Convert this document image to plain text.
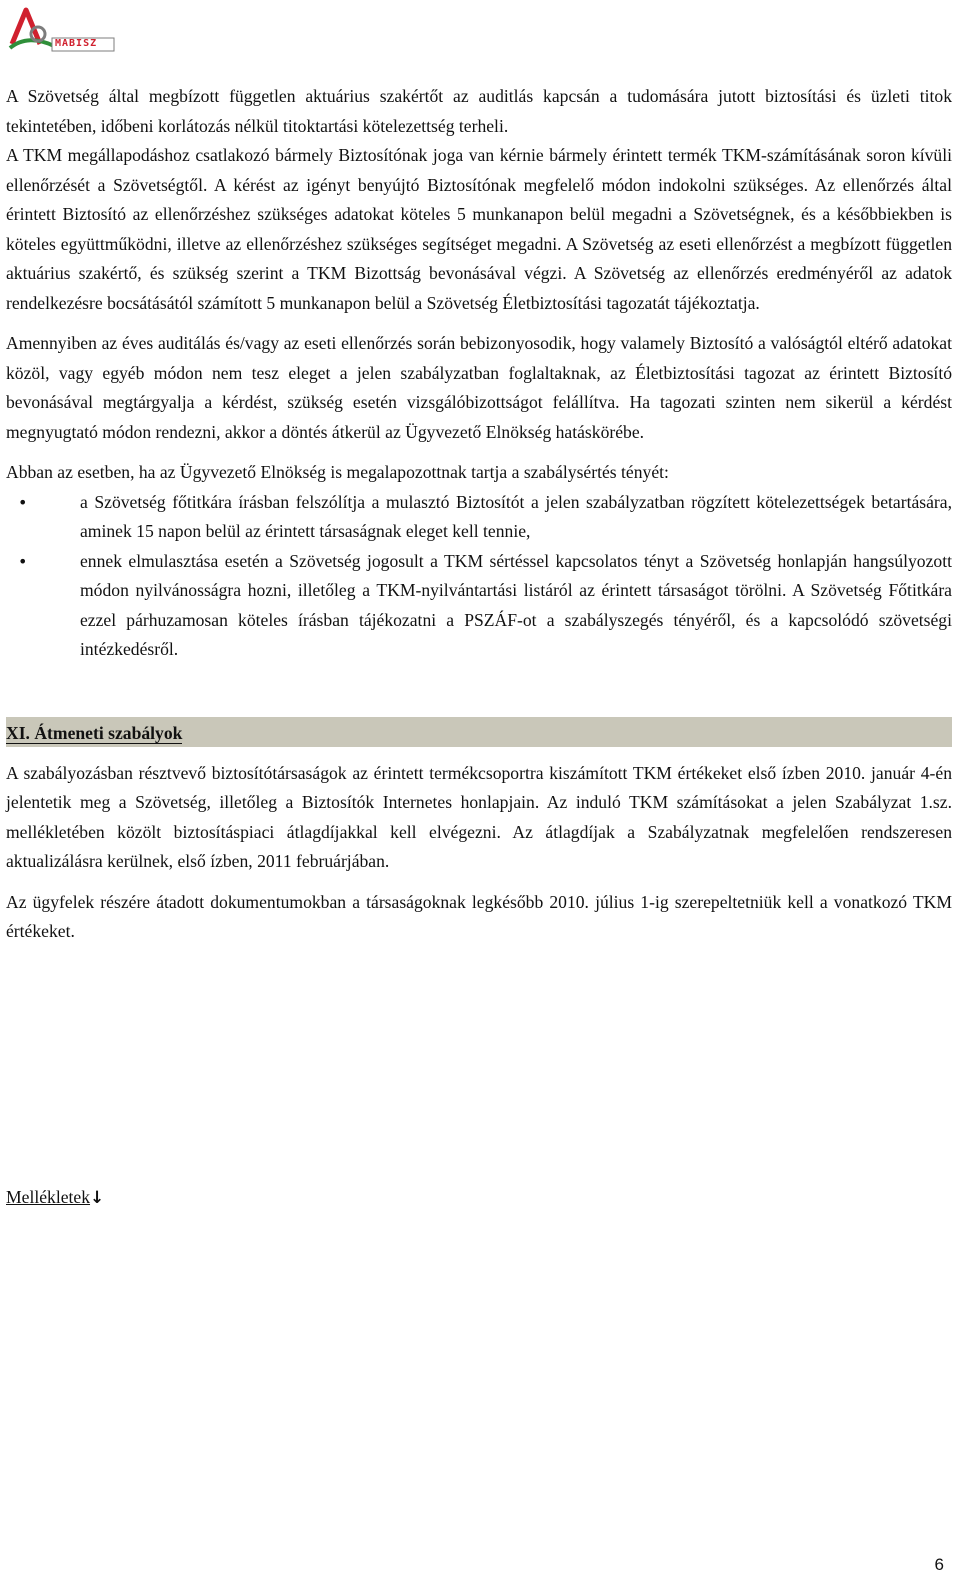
MABISZ

A Szövetség által megbízott független aktuárius szakértőt az auditlás kapcsán a tudomására jutott biztosítási és üzleti titok tekintetében, időbeni korlátozás nélkül titoktartási kötelezettség terheli.

A TKM megállapodáshoz csatlakozó bármely Biztosítónak joga van kérnie bármely érintett termék TKM-számításának soron kívüli ellenőrzését a Szövetségtől. A kérést az igényt benyújtó Biztosítónak megfelelő módon indokolni szükséges. Az ellenőrzés által érintett Biztosító az ellenőrzéshez szükséges adatokat köteles 5 munkanapon belül megadni a Szövetségnek, és a későbbiekben is köteles együttműködni, illetve az ellenőrzéshez szükséges segítséget megadni. A Szövetség az eseti ellenőrzést a megbízott független aktuárius szakértő, és szükség szerint a TKM Bizottság bevonásával végzi. A Szövetség az ellenőrzés eredményéről az adatok rendelkezésre bocsátásától számított 5 munkanapon belül a Szövetség Életbiztosítási tagozatát tájékoztatja.

Amennyiben az éves auditálás és/vagy az eseti ellenőrzés során bebizonyosodik, hogy valamely Biztosító a valóságtól eltérő adatokat közöl, vagy egyéb módon nem tesz eleget a jelen szabályzatban foglaltaknak, az Életbiztosítási tagozat az érintett Biztosító bevonásával megtárgyalja a kérdést, szükség esetén vizsgálóbizottságot felállítva. Ha tagozati szinten nem sikerül a kérdést megnyugtató módon rendezni, akkor a döntés átkerül az Ügyvezető Elnökség hatáskörébe.

Abban az esetben, ha az Ügyvezető Elnökség is megalapozottnak tartja a szabálysértés tényét:

•	a Szövetség főtitkára írásban felszólítja a mulasztó Biztosítót a jelen szabályzatban rögzített kötelezettségek betartására, aminek 15 napon belül az érintett társaságnak eleget kell tennie,
•	ennek elmulasztása esetén a Szövetség jogosult a TKM sértéssel kapcsolatos tényt a Szövetség honlapján hangsúlyozott módon nyilvánosságra hozni, illetőleg a TKM-nyilvántartási listáról az érintett társaságot törölni. A Szövetség Főtitkára ezzel párhuzamosan köteles írásban tájékozatni a PSZÁF-ot a szabályszegés tényéről, és a kapcsolódó szövetségi intézkedésről.
XI. Átmeneti szabályok

A szabályozásban résztvevő biztosítótársaságok az érintett termékcsoportra kiszámított TKM értékeket első ízben 2010. január 4-én jelentetik meg a Szövetség, illetőleg a Biztosítók Internetes honlapjain. Az induló TKM számításokat a jelen Szabályzat 1.sz. mellékletében közölt biztosításpiaci átlagdíjakkal kell elvégezni. Az átlagdíjak a Szabályzatnak megfelelően rendszeresen aktualizálásra kerülnek, első ízben, 2011 februárjában.

Az ügyfelek részére átadott dokumentumokban a társaságoknak legkésőbb 2010. július 1-ig szerepeltetniük kell a vonatkozó TKM értékeket.

Mellékletek↓
6
